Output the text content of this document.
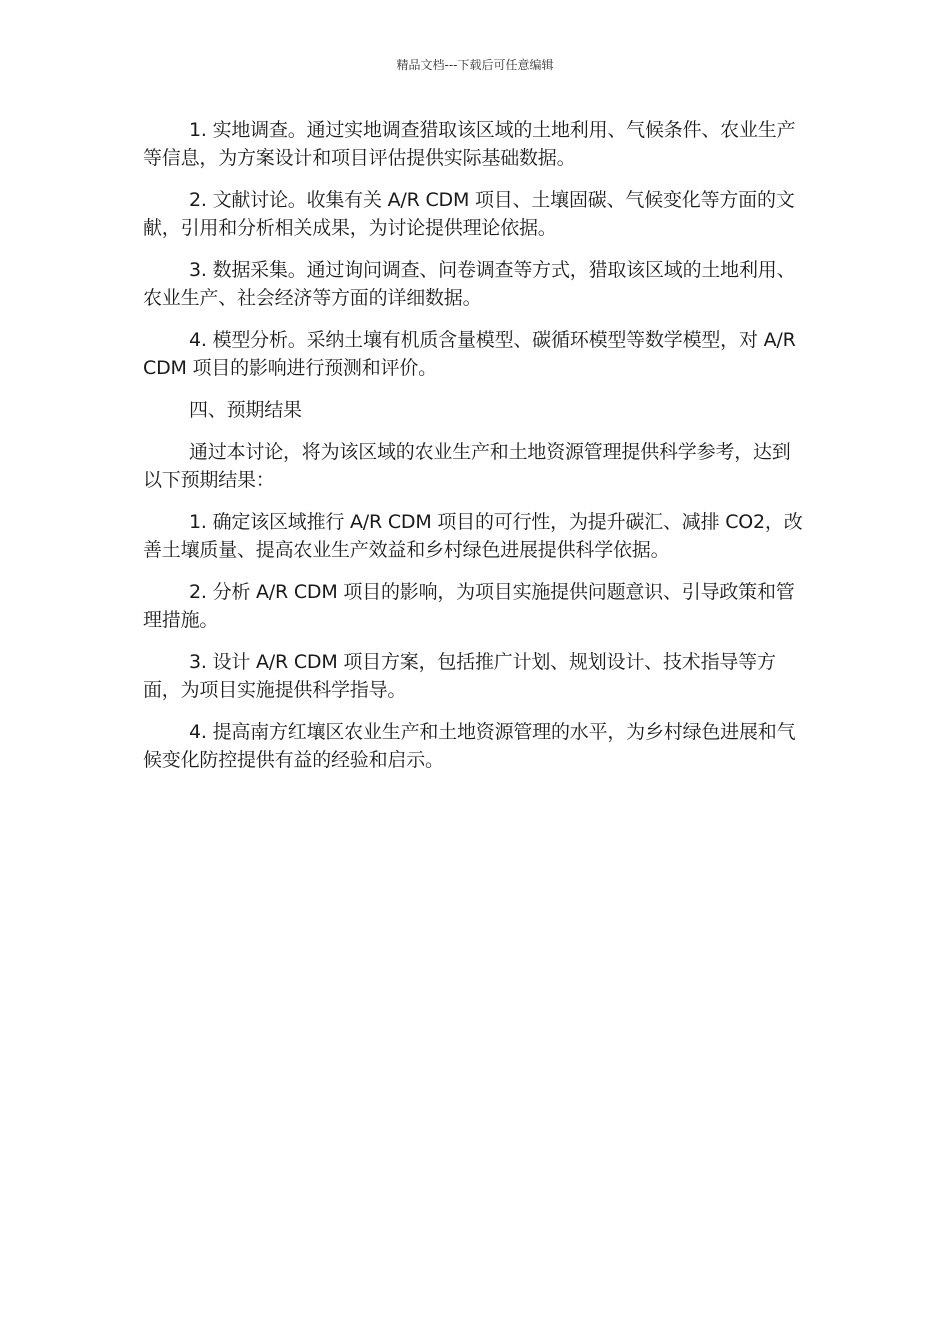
精品文档---下载后可任意编辑

1. 实地调查。通过实地调查猎取该区域的土地利用、气候条件、农业生产等信息，为方案设计和项目评估提供实际基础数据。

2. 文献讨论。收集有关 A/R CDM 项目、土壤固碳、气候变化等方面的文献，引用和分析相关成果，为讨论提供理论依据。

3. 数据采集。通过询问调查、问卷调查等方式，猎取该区域的土地利用、农业生产、社会经济等方面的详细数据。

4. 模型分析。采纳土壤有机质含量模型、碳循环模型等数学模型，对 A/R CDM 项目的影响进行预测和评价。

四、预期结果

通过本讨论，将为该区域的农业生产和土地资源管理提供科学参考，达到以下预期结果：

1. 确定该区域推行 A/R CDM 项目的可行性，为提升碳汇、减排 CO2，改善土壤质量、提高农业生产效益和乡村绿色进展提供科学依据。

2. 分析 A/R CDM 项目的影响，为项目实施提供问题意识、引导政策和管理措施。

3. 设计 A/R CDM 项目方案，包括推广计划、规划设计、技术指导等方面，为项目实施提供科学指导。

4. 提高南方红壤区农业生产和土地资源管理的水平，为乡村绿色进展和气候变化防控提供有益的经验和启示。
